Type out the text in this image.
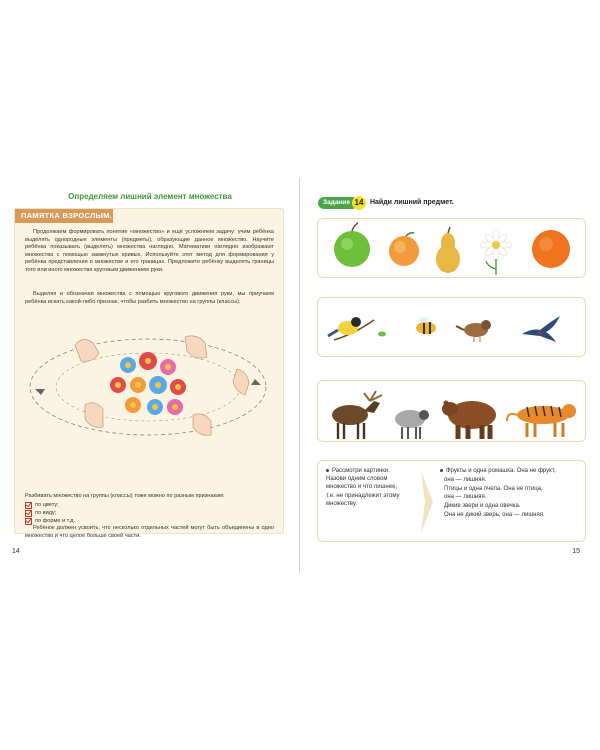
Определяем лишний элемент множества
ПАМЯТКА ВЗРОСЛЫМ.

Продолжаем формировать понятие «множество» и ещё усложняем задачу: учим ребёнка выделять однородные элементы (предметы), образующие данное множество. Научите ребёнка показывать (выделять) множества наглядно. Математики наглядно изображают множества с помощью замкнутых кривых. Используйте этот метод для формирования у ребёнка представления о множестве и его границах. Предложите ребёнку выделять границы того или иного множества круговым движением руки.

Выделяя и обозначая множества с помощью кругового движения руки, мы приучаем ребёнка искать какой-либо признак, чтобы разбить множество на группы (классы).

Разбивать множество на группы (классы) тоже можно по разным признакам:

по цвету;
по виду;
по форме и т.д.

Ребёнок должен усвоить, что несколько отдельных частей могут быть объединены в одно множество и что целое больше своей части.

14
Задание 14 Найди лишний предмет.
Рассмотри картинки.
Назови одним словом
множество и что лишнее,
т.е. не принадлежит этому
множеству.
Фрукты и одна ромашка. Она не фрукт,
она — лишняя.
Птицы и одна пчела. Она не птица,
она — лишняя.
Дикие звери и одна овечка.
Она не дикий зверь, она — лишняя.
15
